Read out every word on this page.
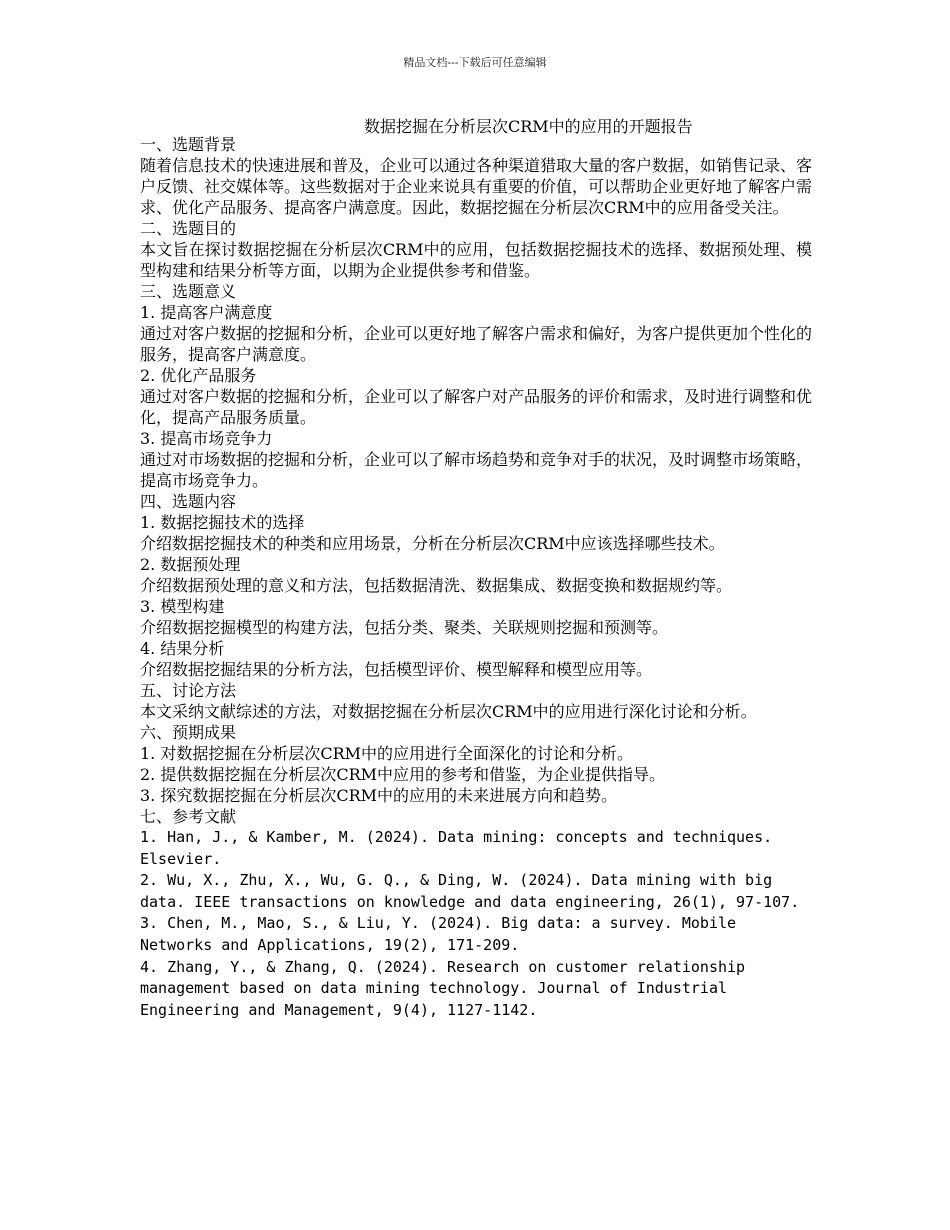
精品文档---下载后可任意编辑
数据挖掘在分析层次CRM中的应用的开题报告
一、选题背景
随着信息技术的快速进展和普及，企业可以通过各种渠道猎取大量的客户数据，如销售记录、客户反馈、社交媒体等。这些数据对于企业来说具有重要的价值，可以帮助企业更好地了解客户需求、优化产品服务、提高客户满意度。因此，数据挖掘在分析层次CRM中的应用备受关注。
二、选题目的
本文旨在探讨数据挖掘在分析层次CRM中的应用，包括数据挖掘技术的选择、数据预处理、模型构建和结果分析等方面，以期为企业提供参考和借鉴。
三、选题意义
1. 提高客户满意度
通过对客户数据的挖掘和分析，企业可以更好地了解客户需求和偏好，为客户提供更加个性化的服务，提高客户满意度。
2. 优化产品服务
通过对客户数据的挖掘和分析，企业可以了解客户对产品服务的评价和需求，及时进行调整和优化，提高产品服务质量。
3. 提高市场竞争力
通过对市场数据的挖掘和分析，企业可以了解市场趋势和竞争对手的状况，及时调整市场策略，提高市场竞争力。
四、选题内容
1. 数据挖掘技术的选择
介绍数据挖掘技术的种类和应用场景，分析在分析层次CRM中应该选择哪些技术。
2. 数据预处理
介绍数据预处理的意义和方法，包括数据清洗、数据集成、数据变换和数据规约等。
3. 模型构建
介绍数据挖掘模型的构建方法，包括分类、聚类、关联规则挖掘和预测等。
4. 结果分析
介绍数据挖掘结果的分析方法，包括模型评价、模型解释和模型应用等。
五、讨论方法
本文采纳文献综述的方法，对数据挖掘在分析层次CRM中的应用进行深化讨论和分析。
六、预期成果
1. 对数据挖掘在分析层次CRM中的应用进行全面深化的讨论和分析。
2. 提供数据挖掘在分析层次CRM中应用的参考和借鉴，为企业提供指导。
3. 探究数据挖掘在分析层次CRM中的应用的未来进展方向和趋势。
七、参考文献
1. Han, J., & Kamber, M. (2024). Data mining: concepts and techniques. Elsevier.
2. Wu, X., Zhu, X., Wu, G. Q., & Ding, W. (2024). Data mining with big data. IEEE transactions on knowledge and data engineering, 26(1), 97-107.
3. Chen, M., Mao, S., & Liu, Y. (2024). Big data: a survey. Mobile Networks and Applications, 19(2), 171-209.
4. Zhang, Y., & Zhang, Q. (2024). Research on customer relationship management based on data mining technology. Journal of Industrial Engineering and Management, 9(4), 1127-1142.
